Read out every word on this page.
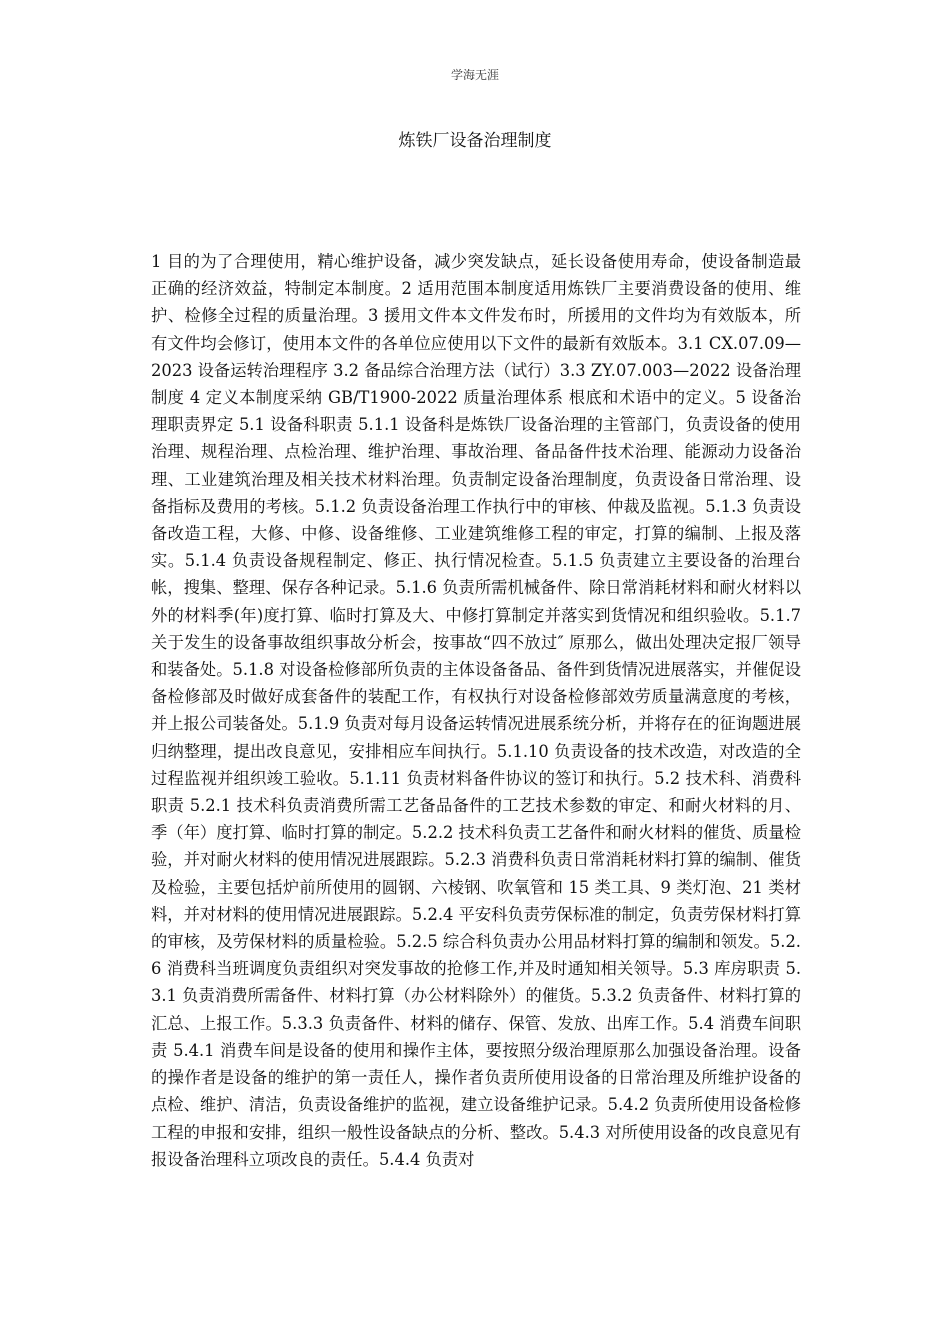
学海无涯
炼铁厂设备治理制度

1 目的为了合理使用，精心维护设备，减少突发缺点，延长设备使用寿命，使设备制造最正确的经济效益，特制定本制度。2 适用范围本制度适用炼铁厂主要消费设备的使用、维护、检修全过程的质量治理。3 援用文件本文件发布时，所援用的文件均为有效版本，所有文件均会修订，使用本文件的各单位应使用以下文件的最新有效版本。3.1 CX.07.09—2023 设备运转治理程序 3.2 备品综合治理方法（试行）3.3 ZY.07.003—2022 设备治理制度 4 定义本制度采纳 GB/T1900-2022 质量治理体系 根底和术语中的定义。5 设备治理职责界定 5.1 设备科职责 5.1.1 设备科是炼铁厂设备治理的主管部门，负责设备的使用治理、规程治理、点检治理、维护治理、事故治理、备品备件技术治理、能源动力设备治理、工业建筑治理及相关技术材料治理。负责制定设备治理制度，负责设备日常治理、设备指标及费用的考核。5.1.2 负责设备治理工作执行中的审核、仲裁及监视。5.1.3 负责设备改造工程，大修、中修、设备维修、工业建筑维修工程的审定，打算的编制、上报及落实。5.1.4 负责设备规程制定、修正、执行情况检查。5.1.5 负责建立主要设备的治理台帐，搜集、整理、保存各种记录。5.1.6 负责所需机械备件、除日常消耗材料和耐火材料以外的材料季(年)度打算、临时打算及大、中修打算制定并落实到货情况和组织验收。5.1.7 关于发生的设备事故组织事故分析会，按事故“四不放过″ 原那么，做出处理决定报厂领导和装备处。5.1.8 对设备检修部所负责的主体设备备品、备件到货情况进展落实，并催促设备检修部及时做好成套备件的装配工作，有权执行对设备检修部效劳质量满意度的考核，并上报公司装备处。5.1.9 负责对每月设备运转情况进展系统分析，并将存在的征询题进展归纳整理，提出改良意见，安排相应车间执行。5.1.10 负责设备的技术改造，对改造的全过程监视并组织竣工验收。5.1.11 负责材料备件协议的签订和执行。5.2 技术科、消费科职责 5.2.1 技术科负责消费所需工艺备品备件的工艺技术参数的审定、和耐火材料的月、季（年）度打算、临时打算的制定。5.2.2 技术科负责工艺备件和耐火材料的催货、质量检验，并对耐火材料的使用情况进展跟踪。5.2.3 消费科负责日常消耗材料打算的编制、催货及检验，主要包括炉前所使用的圆钢、六棱钢、吹氧管和 15 类工具、9 类灯泡、21 类材料，并对材料的使用情况进展跟踪。5.2.4 平安科负责劳保标准的制定，负责劳保材料打算的审核，及劳保材料的质量检验。5.2.5 综合科负责办公用品材料打算的编制和领发。5.2.6 消费科当班调度负责组织对突发事故的抢修工作,并及时通知相关领导。5.3 库房职责 5.3.1 负责消费所需备件、材料打算（办公材料除外）的催货。5.3.2 负责备件、材料打算的汇总、上报工作。5.3.3 负责备件、材料的储存、保管、发放、出库工作。5.4 消费车间职责 5.4.1 消费车间是设备的使用和操作主体，要按照分级治理原那么加强设备治理。设备的操作者是设备的维护的第一责任人，操作者负责所使用设备的日常治理及所维护设备的点检、维护、清洁，负责设备维护的监视，建立设备维护记录。5.4.2 负责所使用设备检修工程的申报和安排，组织一般性设备缺点的分析、整改。5.4.3 对所使用设备的改良意见有报设备治理科立项改良的责任。5.4.4 负责对
